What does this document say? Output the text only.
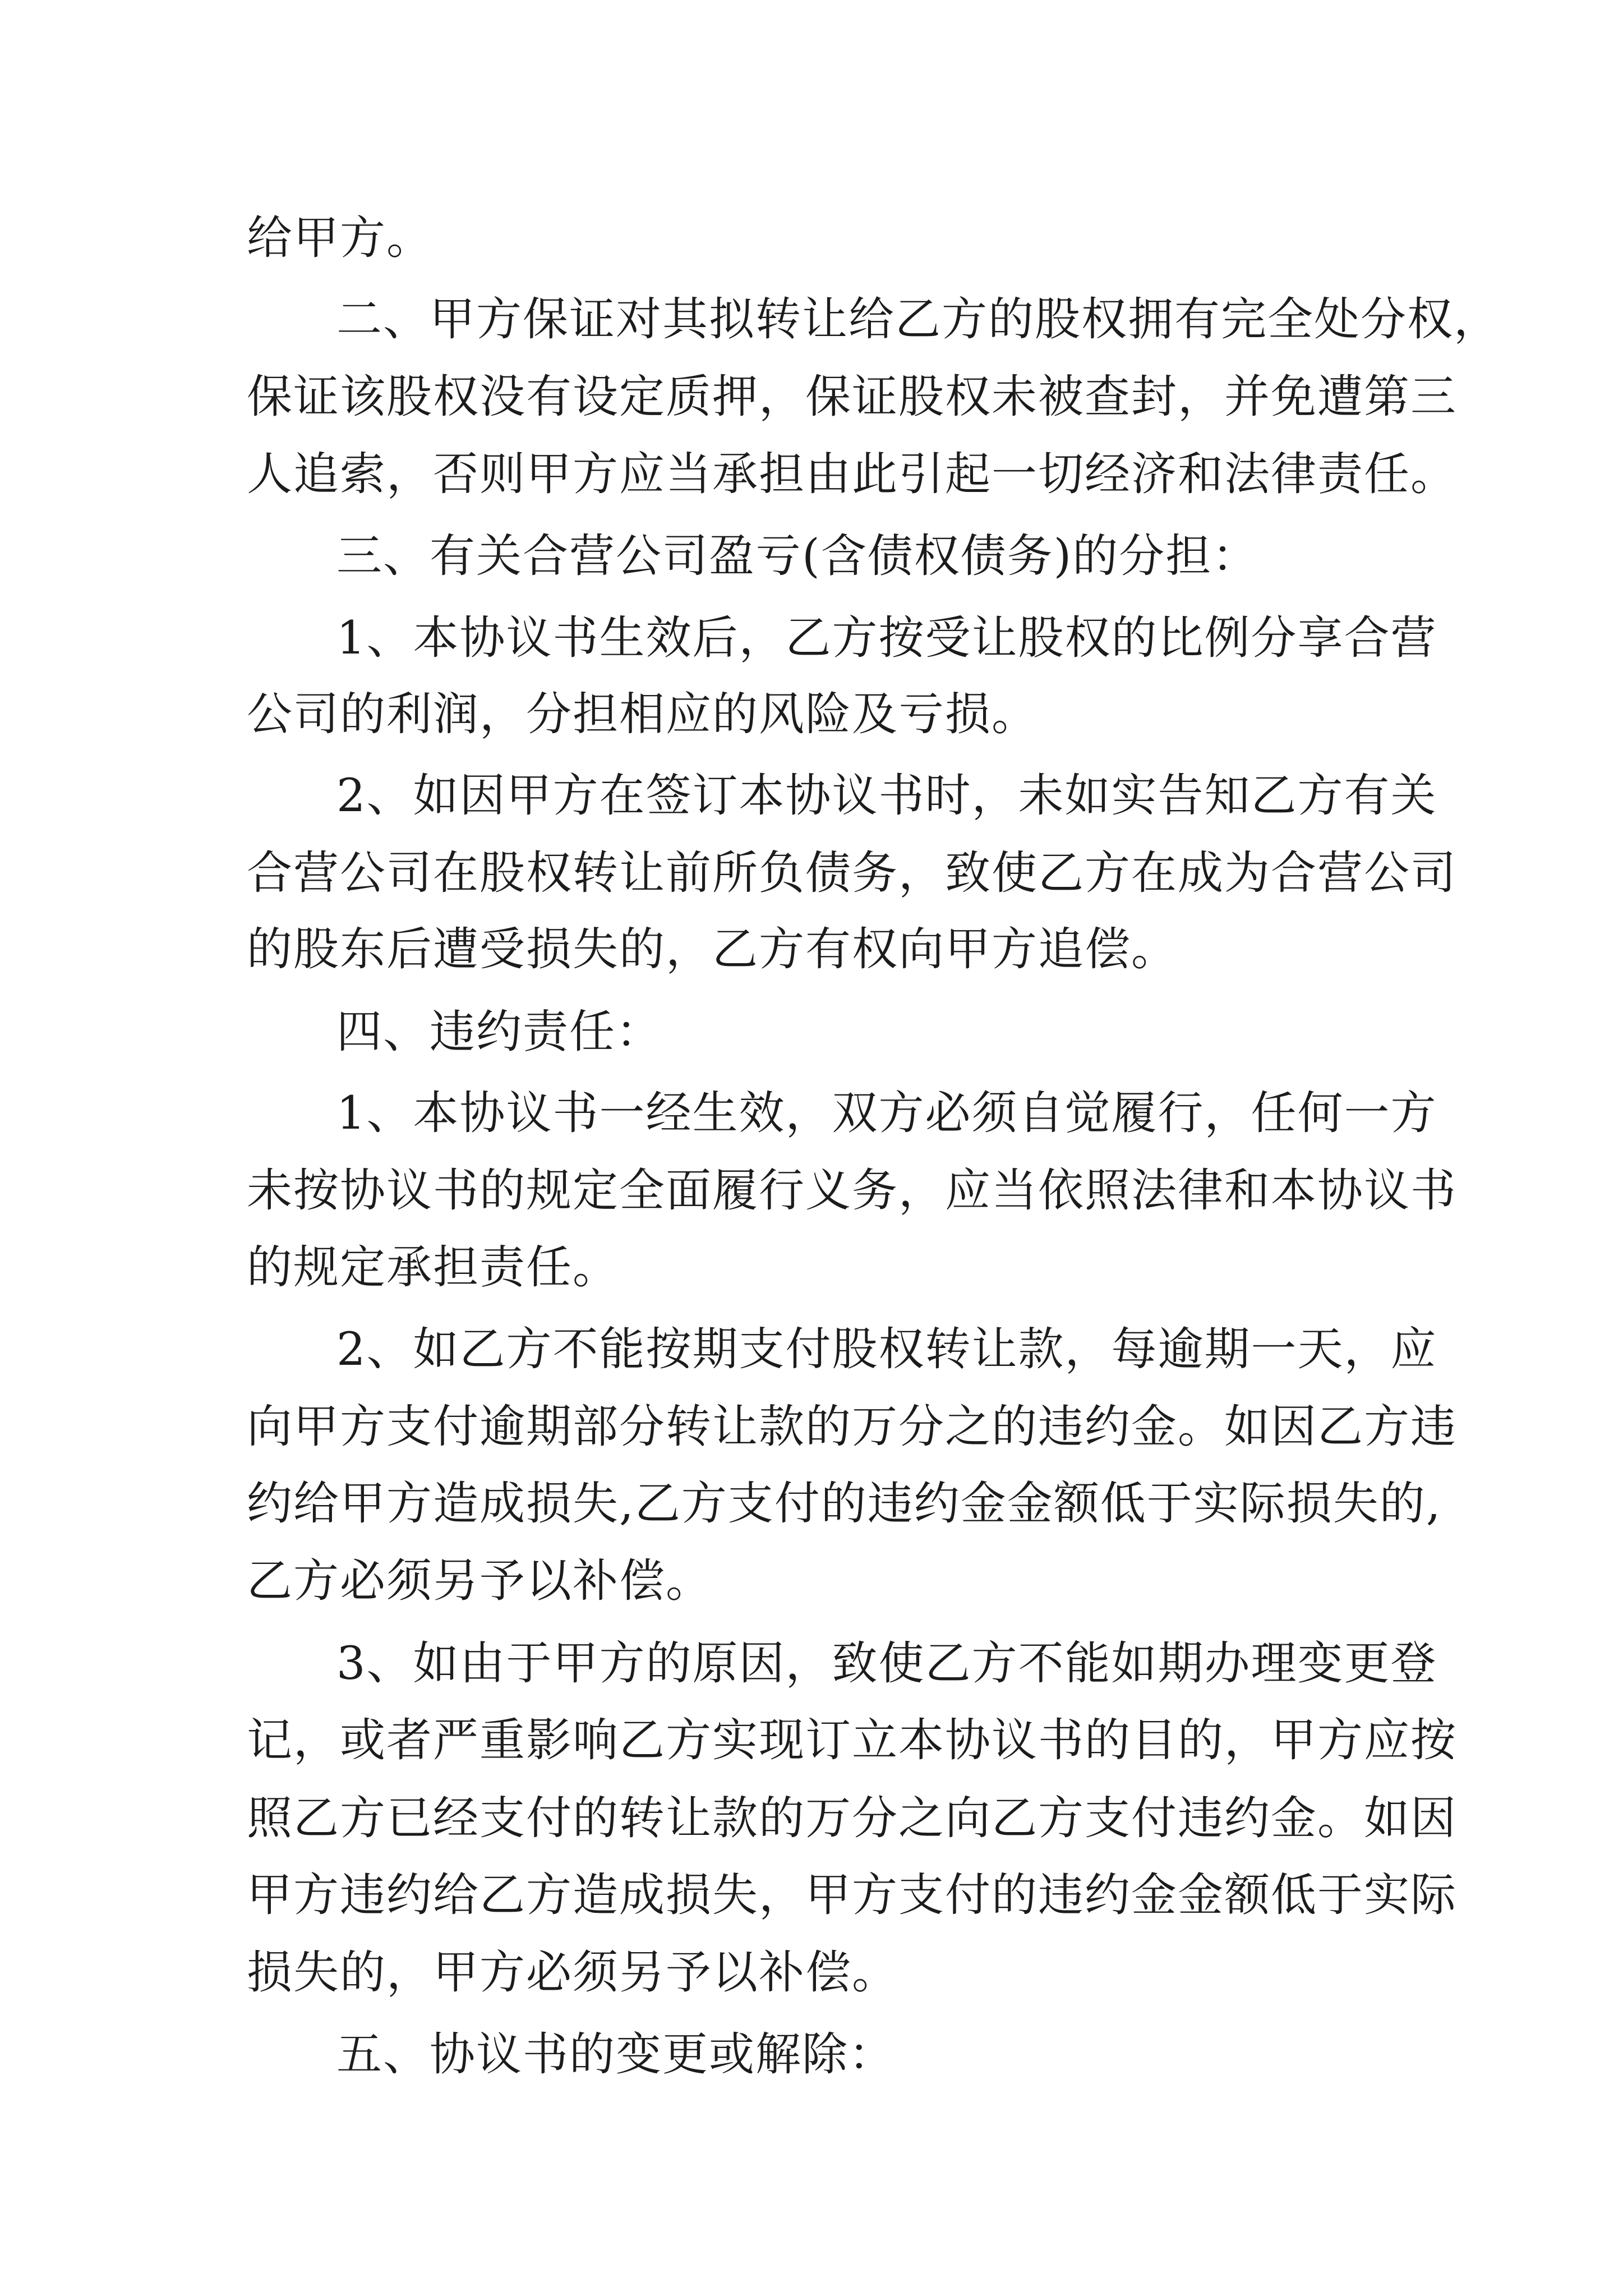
给甲方。

二、甲方保证对其拟转让给乙方的股权拥有完全处分权，

保证该股权没有设定质押，保证股权未被查封，并免遭第三

人追索，否则甲方应当承担由此引起一切经济和法律责任。

三、有关合营公司盈亏(含债权债务)的分担：

1、本协议书生效后，乙方按受让股权的比例分享合营

公司的利润，分担相应的风险及亏损。

2、如因甲方在签订本协议书时，未如实告知乙方有关

合营公司在股权转让前所负债务，致使乙方在成为合营公司

的股东后遭受损失的，乙方有权向甲方追偿。

四、违约责任：

1、本协议书一经生效，双方必须自觉履行，任何一方

未按协议书的规定全面履行义务，应当依照法律和本协议书

的规定承担责任。

2、如乙方不能按期支付股权转让款，每逾期一天，应

向甲方支付逾期部分转让款的万分之的违约金。如因乙方违

约给甲方造成损失,乙方支付的违约金金额低于实际损失的,

乙方必须另予以补偿。

3、如由于甲方的原因，致使乙方不能如期办理变更登

记，或者严重影响乙方实现订立本协议书的目的，甲方应按

照乙方已经支付的转让款的万分之向乙方支付违约金。如因

甲方违约给乙方造成损失，甲方支付的违约金金额低于实际

损失的，甲方必须另予以补偿。

五、协议书的变更或解除：
